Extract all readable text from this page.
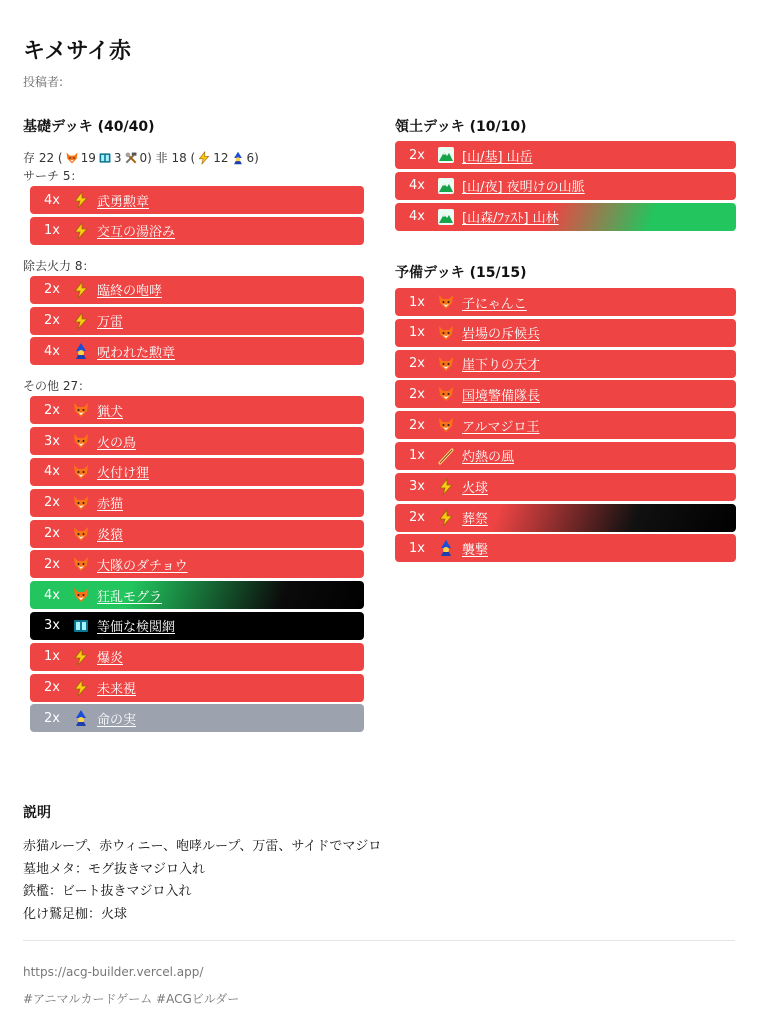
キメサイ赤
投稿者:
基礎デッキ (40/40)
存 22 ( 19 3 0) 非 18 ( 12 6)
サーチ 5：
4x	武勇勲章
1x	交互の湯浴み
除去火力 8：
2x	臨終の咆哮
2x	万雷
4x	呪われた勲章
その他 27：
2x	猟犬
3x	火の鳥
4x	火付け狸
2x	赤猫
2x	炎猿
2x	大隊のダチョウ
4x	狂乱モグラ
3x	等価な検閲網
1x	爆炎
2x	未来視
2x	命の実
領土デッキ (10/10)
2x	[山/基] 山岳
4x	[山/夜] 夜明けの山脈
4x	[山森/ﾌｧｽﾄ] 山林
予備デッキ (15/15)
1x	子にゃんこ
1x	岩場の斥候兵
2x	崖下りの天才
2x	国境警備隊長
2x	アルマジロ王
1x	灼熱の風
3x	火球
2x	葬祭
1x	襲撃
説明
赤猫ループ、赤ウィニー、咆哮ループ、万雷、サイドでマジロ
墓地メタ：モグ抜きマジロ入れ
鉄檻：ビート抜きマジロ入れ
化け鷲足枷：火球
https://acg-builder.vercel.app/
#アニマルカードゲーム #ACGビルダー
